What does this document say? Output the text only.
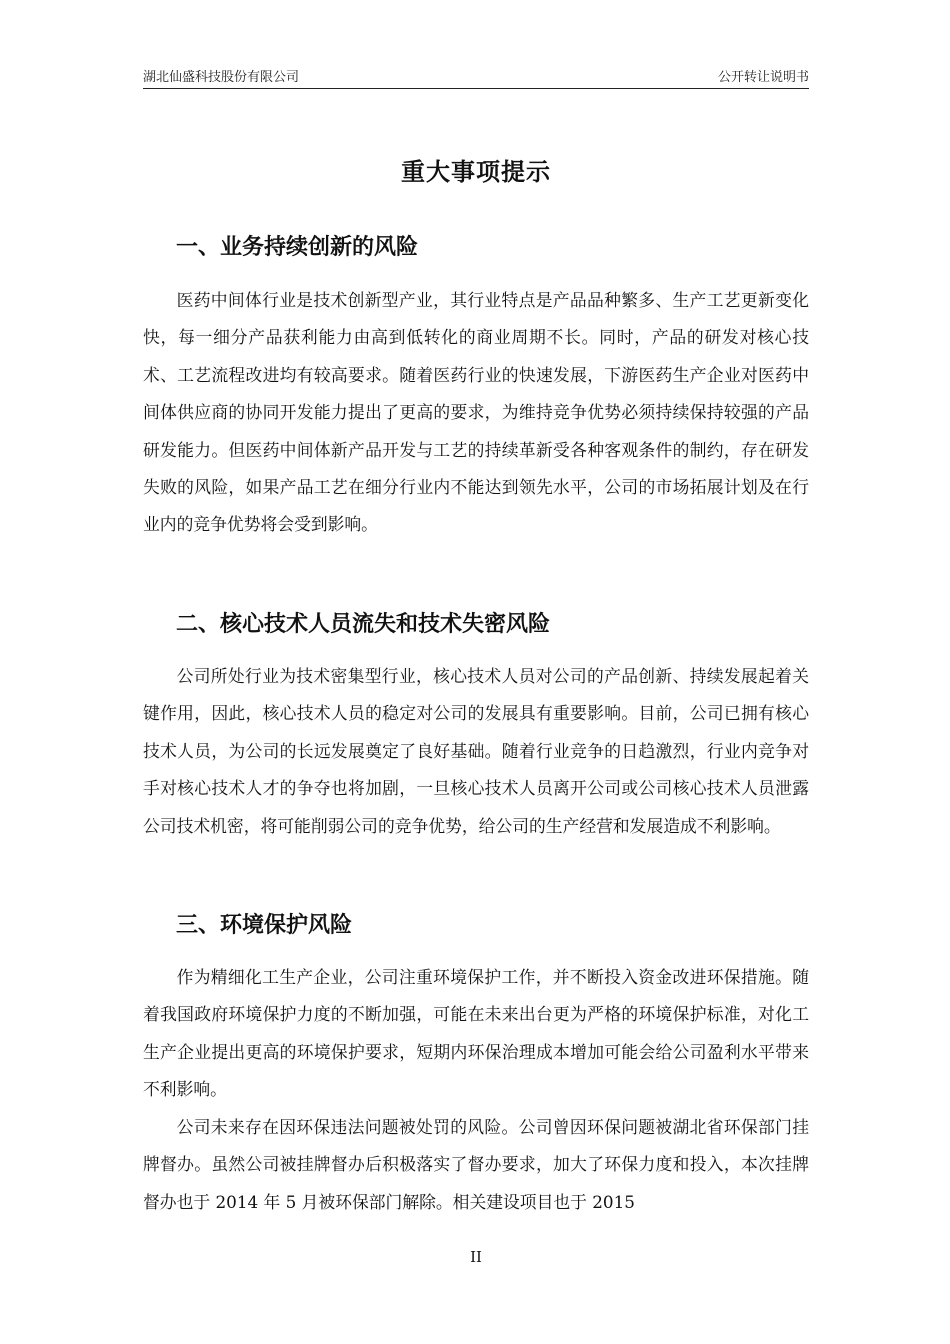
湖北仙盛科技股份有限公司	公开转让说明书
重大事项提示
一、业务持续创新的风险

医药中间体行业是技术创新型产业，其行业特点是产品品种繁多、生产工艺更新变化快，每一细分产品获利能力由高到低转化的商业周期不长。同时，产品的研发对核心技术、工艺流程改进均有较高要求。随着医药行业的快速发展，下游医药生产企业对医药中间体供应商的协同开发能力提出了更高的要求，为维持竞争优势必须持续保持较强的产品研发能力。但医药中间体新产品开发与工艺的持续革新受各种客观条件的制约，存在研发失败的风险，如果产品工艺在细分行业内不能达到领先水平，公司的市场拓展计划及在行业内的竞争优势将会受到影响。

二、核心技术人员流失和技术失密风险

公司所处行业为技术密集型行业，核心技术人员对公司的产品创新、持续发展起着关键作用，因此，核心技术人员的稳定对公司的发展具有重要影响。目前，公司已拥有核心技术人员，为公司的长远发展奠定了良好基础。随着行业竞争的日趋激烈，行业内竞争对手对核心技术人才的争夺也将加剧，一旦核心技术人员离开公司或公司核心技术人员泄露公司技术机密，将可能削弱公司的竞争优势，给公司的生产经营和发展造成不利影响。

三、环境保护风险

作为精细化工生产企业，公司注重环境保护工作，并不断投入资金改进环保措施。随着我国政府环境保护力度的不断加强，可能在未来出台更为严格的环境保护标准，对化工生产企业提出更高的环境保护要求，短期内环保治理成本增加可能会给公司盈利水平带来不利影响。

公司未来存在因环保违法问题被处罚的风险。公司曾因环保问题被湖北省环保部门挂牌督办。虽然公司被挂牌督办后积极落实了督办要求，加大了环保力度和投入，本次挂牌督办也于 2014 年 5 月被环保部门解除。相关建设项目也于 2015

II
